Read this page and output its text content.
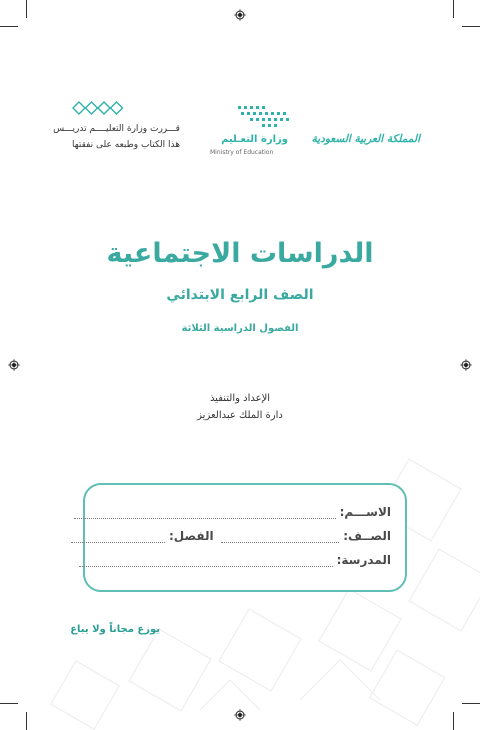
قـــررت وزارة التعليــــم تدريـــس
هذا الكتاب وطبعه على نفقتها	وزارة التعـليم
Ministry of Education
المملكة العربية السعودية
الدراسات الاجتماعية
الصف الرابع الابتدائي
الفصول الدراسية الثلاثة
الإعداد والتنفيذ
دارة الملك عبدالعزيز
الاســـم:
الصــف:  الفصل:
المدرسة:
يوزع مجاناً ولا يباع
